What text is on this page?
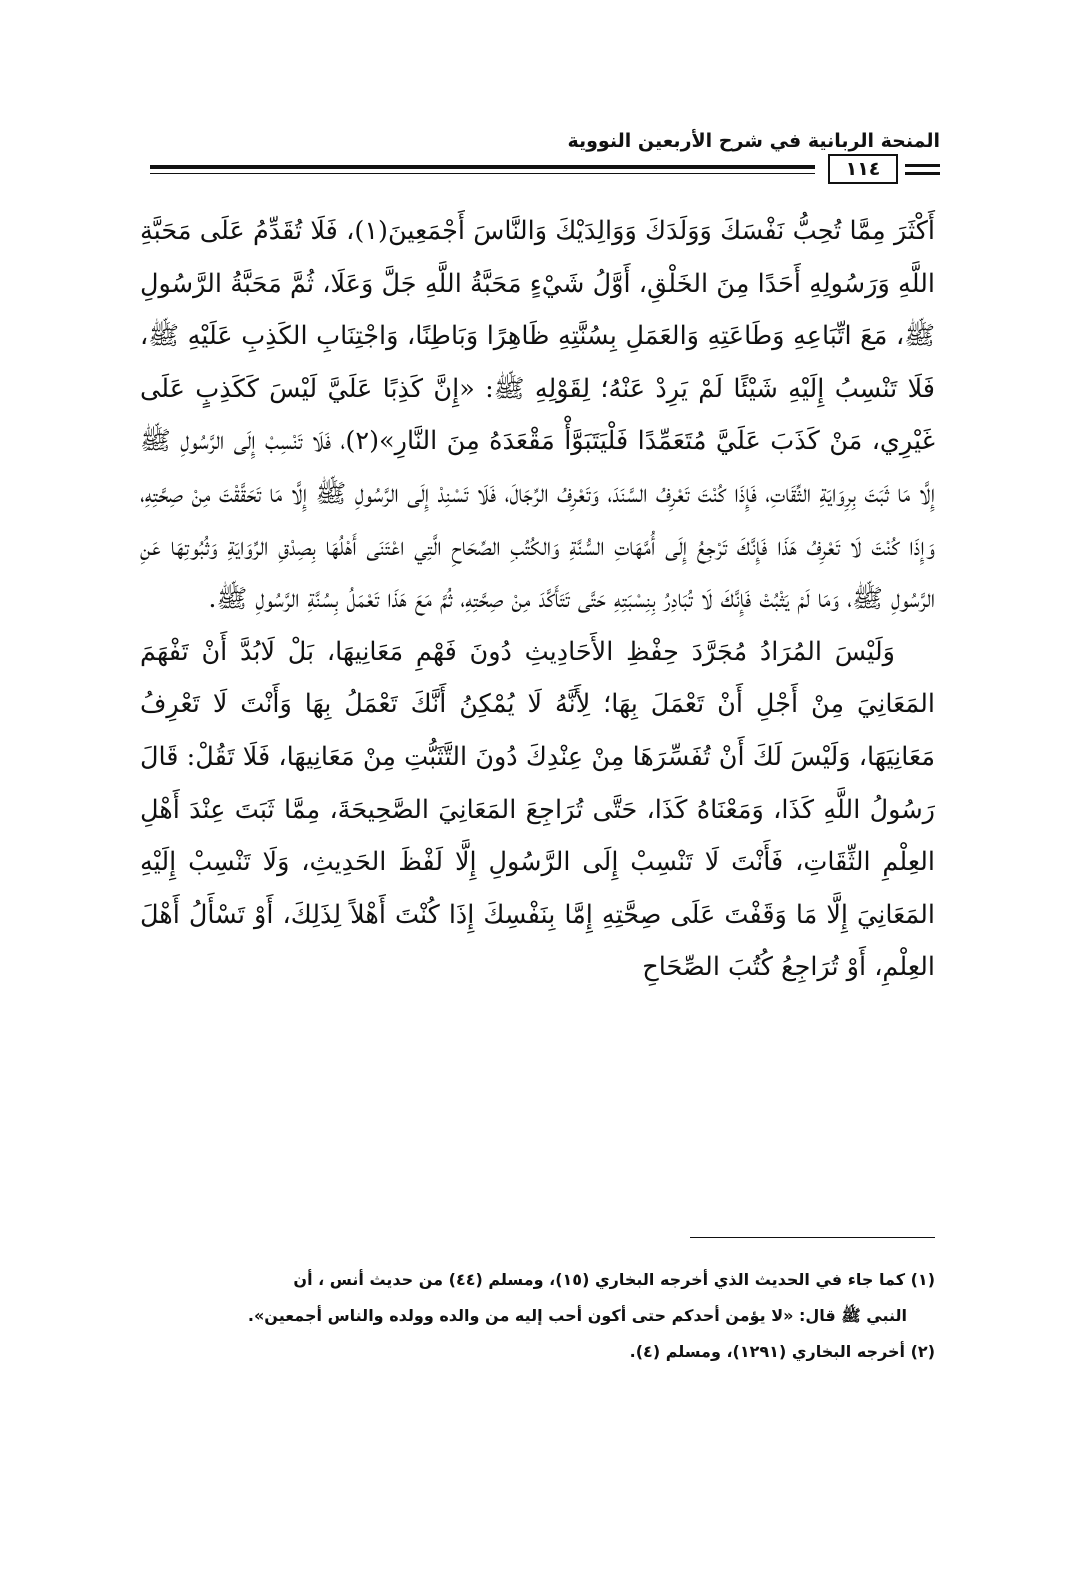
المنحة الربانية في شرح الأربعين النووية
١١٤

أَكْثَرَ مِمَّا تُحِبُّ نَفْسَكَ وَوَلَدَكَ وَوَالِدَيْكَ وَالنَّاسَ أَجْمَعِينَ(١)، فَلَا تُقَدِّمُ عَلَى مَحَبَّةِ اللَّهِ وَرَسُولِهِ أَحَدًا مِنَ الخَلْقِ، أَوَّلُ شَيْءٍ مَحَبَّةُ اللَّهِ جَلَّ وَعَلَا، ثُمَّ مَحَبَّةُ الرَّسُولِ ﷺ، مَعَ اتِّبَاعِهِ وَطَاعَتِهِ وَالعَمَلِ بِسُنَّتِهِ ظَاهِرًا وَبَاطِنًا، وَاجْتِنَابِ الكَذِبِ عَلَيْهِ ﷺ، فَلَا تَنْسِبُ إِلَيْهِ شَيْئًا لَمْ يَرِدْ عَنْهُ؛ لِقَوْلِهِ ﷺ: «إِنَّ كَذِبًا عَلَيَّ لَيْسَ كَكَذِبٍ عَلَى غَيْرِي، مَنْ كَذَبَ عَلَيَّ مُتَعَمِّدًا فَلْيَتَبَوَّأْ مَقْعَدَهُ مِنَ النَّارِ»(٢)، فَلَا تَنْسِبْ إِلَى الرَّسُولِ ﷺ إِلَّا مَا ثَبَتَ بِرِوَايَةِ الثِّقَاتِ، فَإِذَا كُنْتَ تَعْرِفُ السَّنَدَ، وَتَعْرِفُ الرِّجَالَ، فَلَا تَسْنِدْ إِلَى الرَّسُولِ ﷺ إِلَّا مَا تَحَقَّقْتَ مِنْ صِحَّتِهِ، وَإِذَا كُنْتَ لَا تَعْرِفُ هَذَا فَإِنَّكَ تَرْجِعُ إِلَى أُمَّهَاتِ السُّنَّةِ وَالكُتُبِ الصِّحَاحِ الَّتِي اعْتَنَى أَهْلُهَا بِصِدْقِ الرِّوَايَةِ وَثُبُوتِهَا عَنِ الرَّسُولِ ﷺ، وَمَا لَمْ يَثْبُتْ فَإِنَّكَ لَا تُبَادِرُ بِنِسْبَتِهِ حَتَّى تَتَأَكَّدَ مِنْ صِحَّتِهِ، ثُمَّ مَعَ هَذَا تَعْمَلُ بِسُنَّةِ الرَّسُولِ ﷺ.

وَلَيْسَ المُرَادُ مُجَرَّدَ حِفْظِ الأَحَادِيثِ دُونَ فَهْمِ مَعَانِيهَا، بَلْ لَابُدَّ أَنْ تَفْهَمَ المَعَانِيَ مِنْ أَجْلِ أَنْ تَعْمَلَ بِهَا؛ لِأَنَّهُ لَا يُمْكِنُ أَنَّكَ تَعْمَلُ بِهَا وَأَنْتَ لَا تَعْرِفُ مَعَانِيَهَا، وَلَيْسَ لَكَ أَنْ تُفَسِّرَهَا مِنْ عِنْدِكَ دُونَ التَّثَبُّتِ مِنْ مَعَانِيهَا، فَلَا تَقُلْ: قَالَ رَسُولُ اللَّهِ كَذَا، وَمَعْنَاهُ كَذَا، حَتَّى تُرَاجِعَ المَعَانِيَ الصَّحِيحَةَ، مِمَّا ثَبَتَ عِنْدَ أَهْلِ العِلْمِ الثِّقَاتِ، فَأَنْتَ لَا تَنْسِبْ إِلَى الرَّسُولِ إِلَّا لَفْظَ الحَدِيثِ، وَلَا تَنْسِبْ إِلَيْهِ المَعَانِيَ إِلَّا مَا وَقَفْتَ عَلَى صِحَّتِهِ إِمَّا بِنَفْسِكَ إِذَا كُنْتَ أَهْلاً لِذَلِكَ، أَوْ تَسْأَلُ أَهْلَ العِلْمِ، أَوْ تُرَاجِعُ كُتُبَ الصِّحَاحِ

(١) كما جاء في الحديث الذي أخرجه البخاري (١٥)، ومسلم (٤٤) من حديث أنس ، أن

النبي ﷺ قال: «لا يؤمن أحدكم حتى أكون أحب إليه من والده وولده والناس أجمعين».

(٢) أخرجه البخاري (١٢٩١)، ومسلم (٤).
